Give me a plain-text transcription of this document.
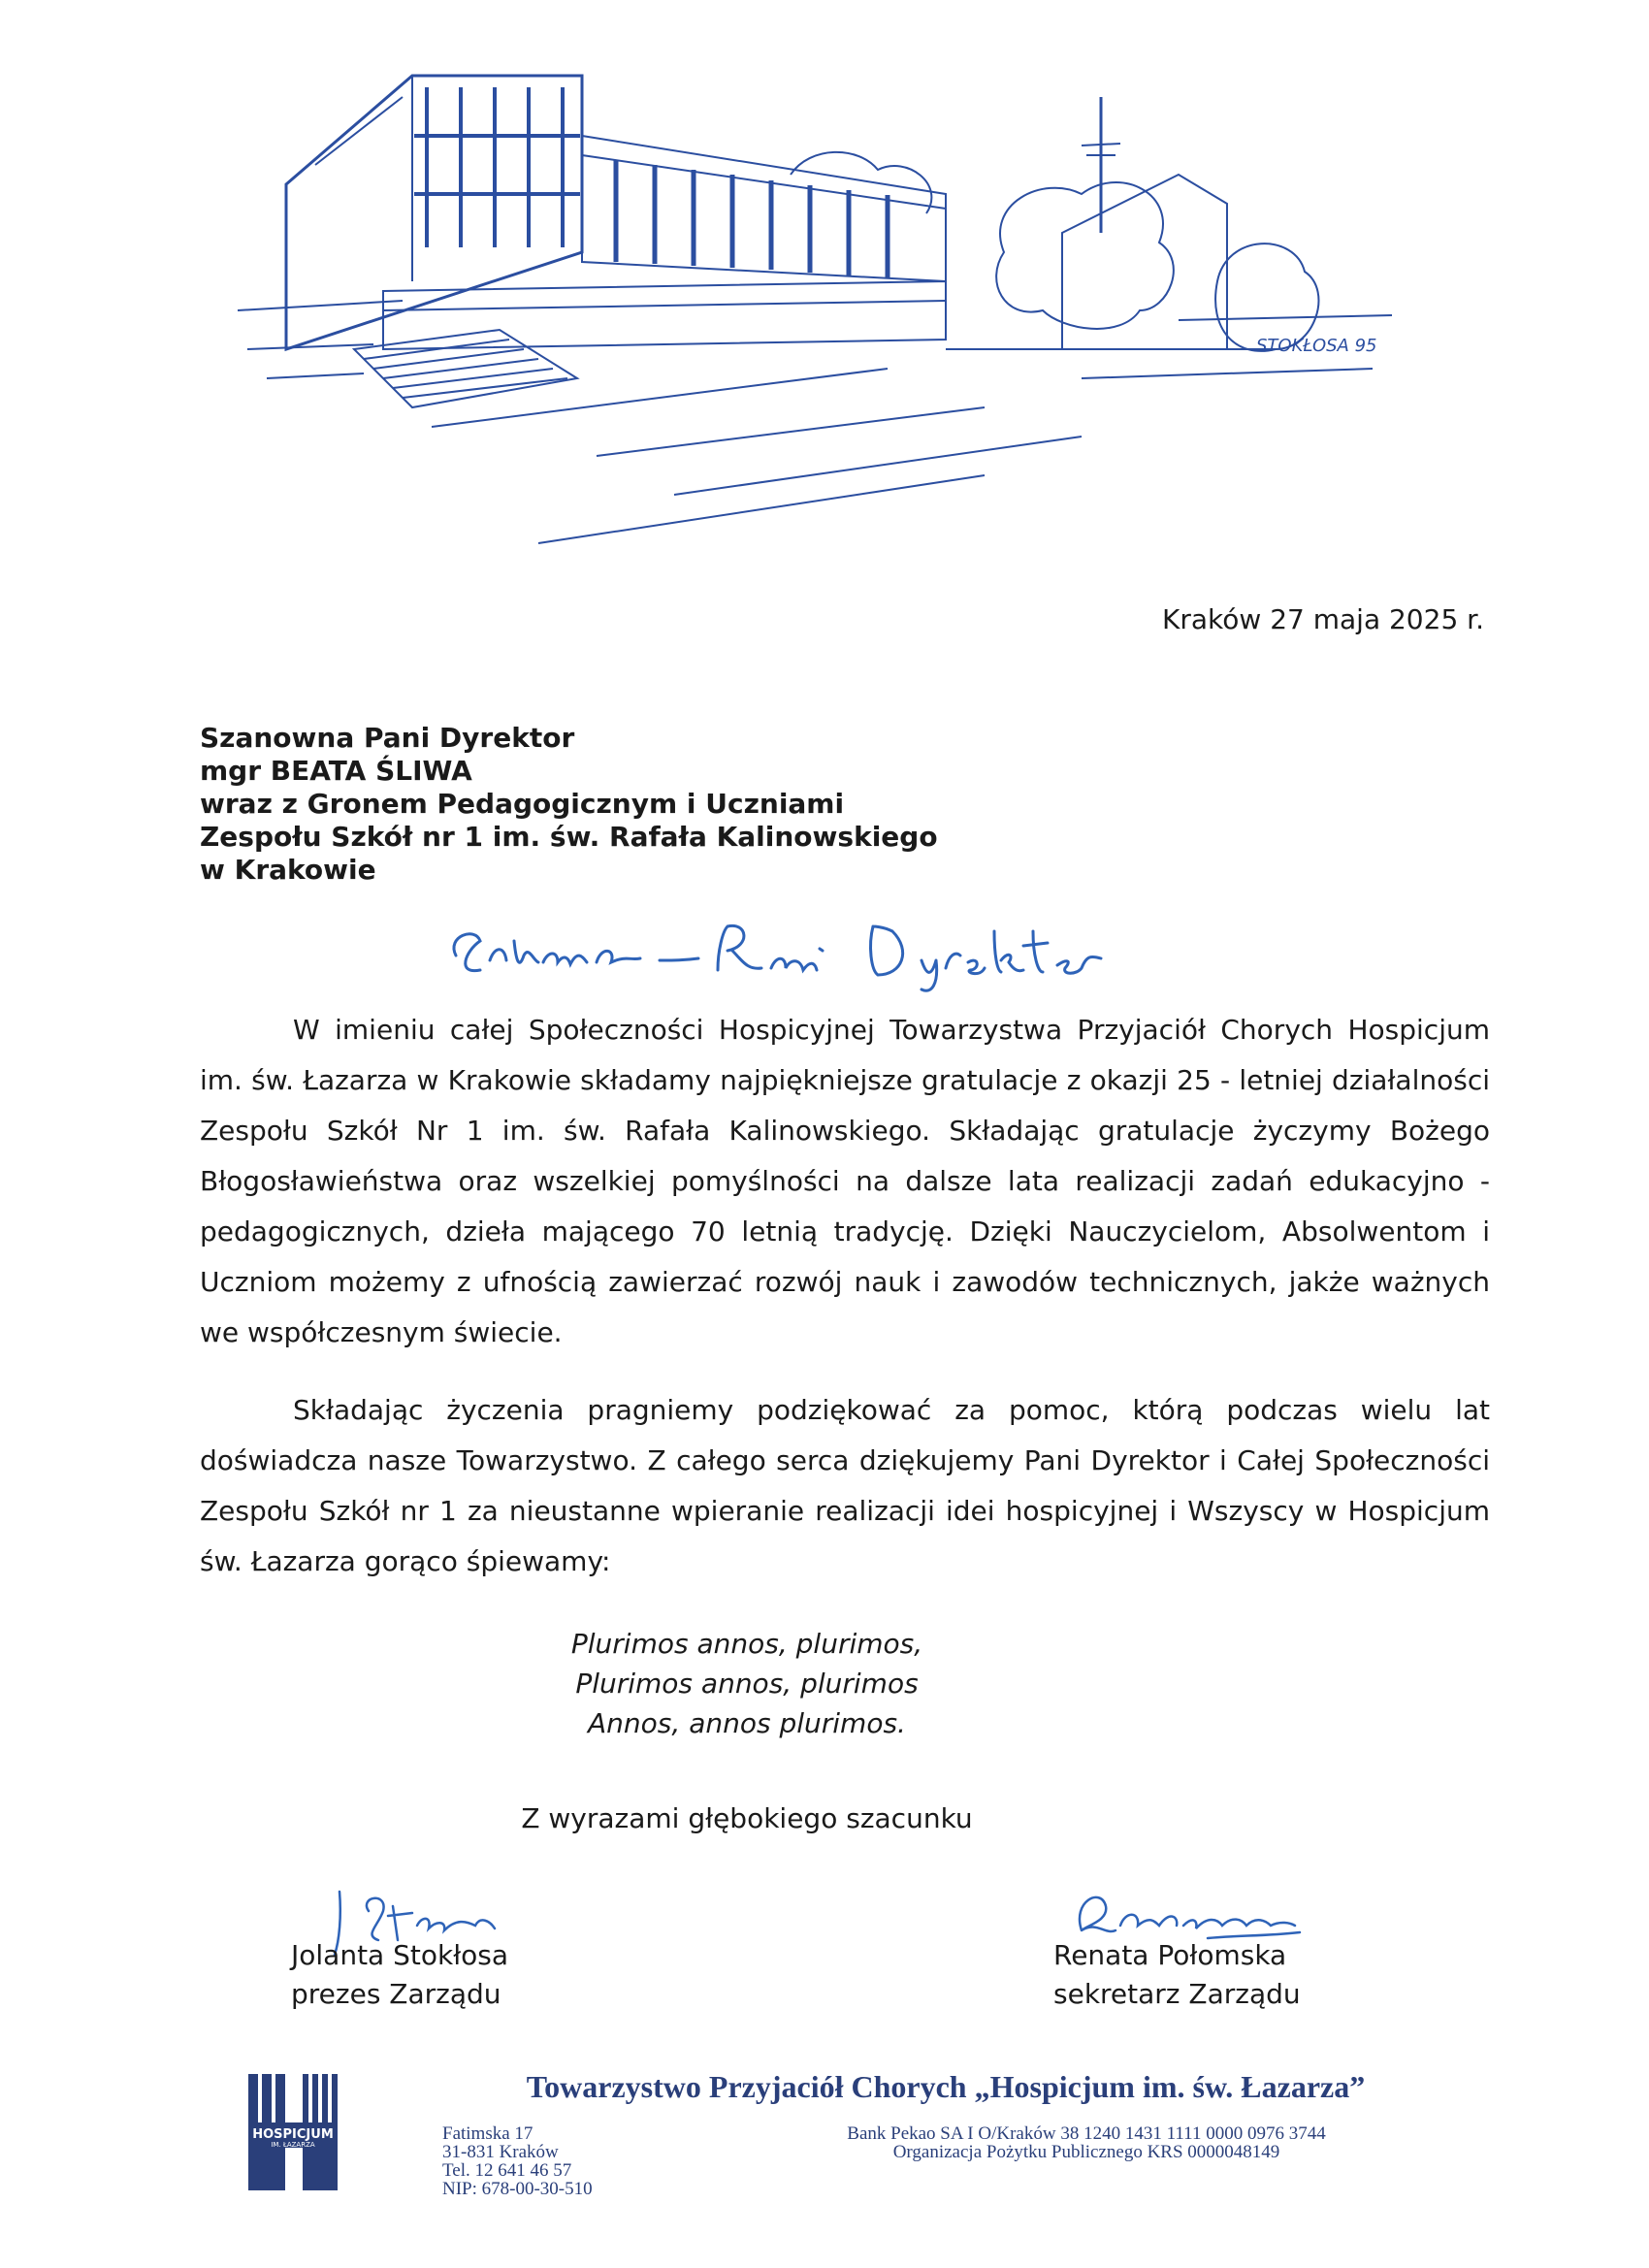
STOKŁOSA 95
Kraków 27 maja 2025 r.
Szanowna Pani Dyrektor
mgr BEATA ŚLIWA
wraz z Gronem Pedagogicznym i Uczniami
Zespołu Szkół nr 1 im. św. Rafała Kalinowskiego
w Krakowie
W imieniu całej Społeczności Hospicyjnej Towarzystwa Przyjaciół Chorych Hospicjum im. św. Łazarza w Krakowie składamy najpiękniejsze gratulacje z okazji 25 - letniej działalności Zespołu Szkół Nr 1 im. św. Rafała Kalinowskiego. Składając gratulacje życzymy Bożego Błogosławieństwa oraz wszelkiej pomyślności na dalsze lata realizacji zadań edukacyjno - pedagogicznych, dzieła mającego 70 letnią tradycję. Dzięki Nauczycielom, Absolwentom i Uczniom możemy z ufnością zawierzać rozwój nauk i zawodów technicznych, jakże ważnych we współczesnym świecie.
Składając życzenia pragniemy podziękować za pomoc, którą podczas wielu lat doświadcza nasze Towarzystwo. Z całego serca dziękujemy Pani Dyrektor i Całej Społeczności Zespołu Szkół nr 1 za nieustanne wpieranie realizacji idei hospicyjnej i Wszyscy w Hospicjum św. Łazarza gorąco śpiewamy:
Plurimos annos, plurimos,
Plurimos annos, plurimos
Annos, annos plurimos.
Z wyrazami głębokiego szacunku
Jolanta Stokłosa
prezes Zarządu
Renata Połomska
sekretarz Zarządu
HOSPICJUM
IM. ŁAZARZA
Towarzystwo Przyjaciół Chorych „Hospicjum im. św. Łazarza”
Fatimska 17
31-831 Kraków
Tel. 12 641 46 57
NIP: 678-00-30-510
Bank Pekao SA I O/Kraków 38 1240 1431 1111 0000 0976 3744
Organizacja Pożytku Publicznego KRS 0000048149
